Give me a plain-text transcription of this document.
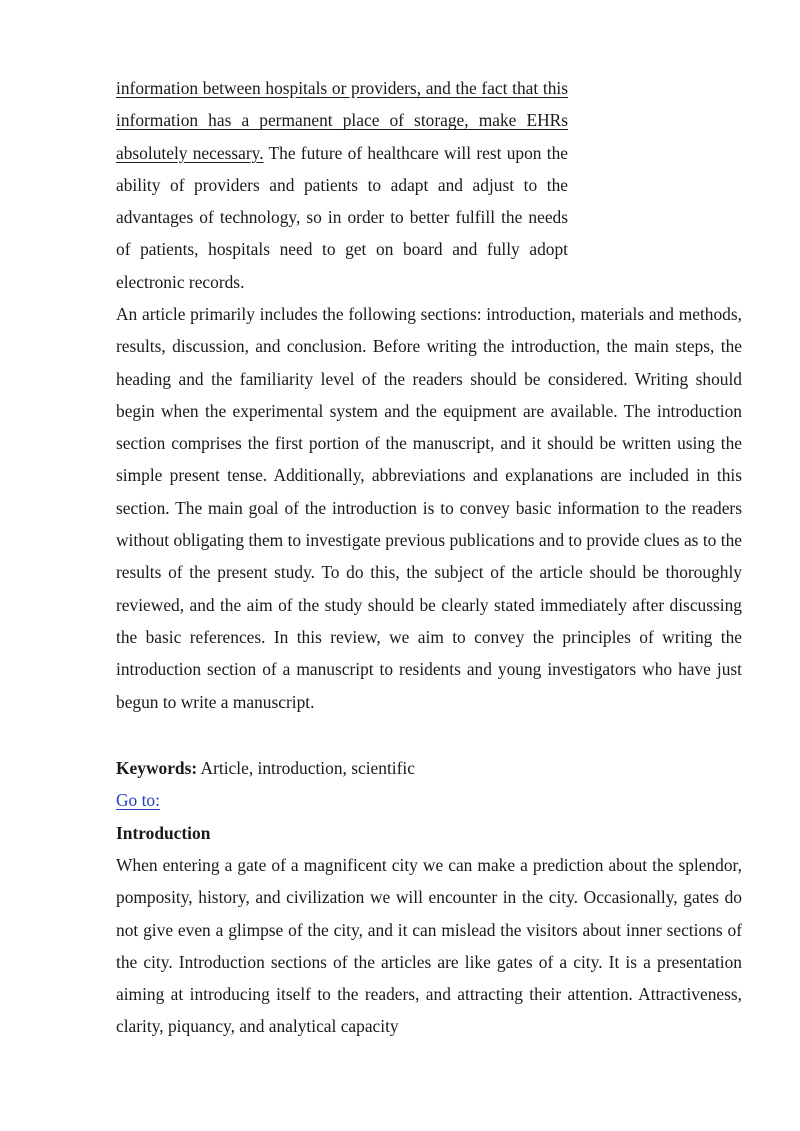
information between hospitals or providers, and the fact that this information has a permanent place of storage, make EHRs absolutely necessary. The future of healthcare will rest upon the ability of providers and patients to adapt and adjust to the advantages of technology, so in order to better fulfill the needs of patients, hospitals need to get on board and fully adopt electronic records.

An article primarily includes the following sections: introduction, materials and methods, results, discussion, and conclusion. Before writing the introduction, the main steps, the heading and the familiarity level of the readers should be considered. Writing should begin when the experimental system and the equipment are available. The introduction section comprises the first portion of the manuscript, and it should be written using the simple present tense. Additionally, abbreviations and explanations are included in this section. The main goal of the introduction is to convey basic information to the readers without obligating them to investigate previous publications and to provide clues as to the results of the present study. To do this, the subject of the article should be thoroughly reviewed, and the aim of the study should be clearly stated immediately after discussing the basic references. In this review, we aim to convey the principles of writing the introduction section of a manuscript to residents and young investigators who have just begun to write a manuscript.

Keywords: Article, introduction, scientific

Go to:

Introduction

When entering a gate of a magnificent city we can make a prediction about the splendor, pomposity, history, and civilization we will encounter in the city. Occasionally, gates do not give even a glimpse of the city, and it can mislead the visitors about inner sections of the city. Introduction sections of the articles are like gates of a city. It is a presentation aiming at introducing itself to the readers, and attracting their attention. Attractiveness, clarity, piquancy, and analytical capacity
